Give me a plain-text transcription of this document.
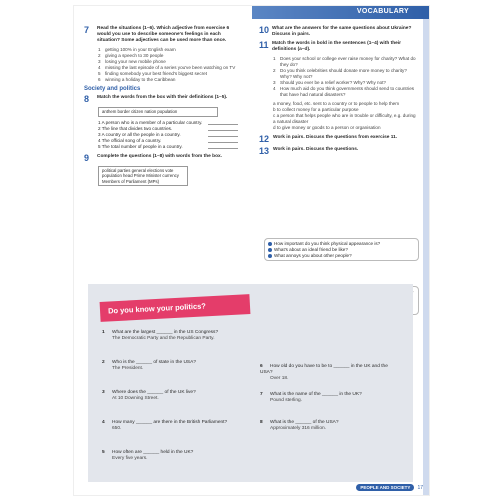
VOCABULARY
7	Read the situations (1–6). Which adjective from exercise 6 would you use to describe someone's feelings in each situation? Some adjectives can be used more than once.
1 getting 100% in your English exam
2 giving a speech to 30 people
3 losing your new mobile phone
4 missing the last episode of a series you've been watching on TV
5 finding somebody your best friend's biggest secret
6 winning a holiday to the Caribbean
Society and politics
8	Match the words from the box with their definitions (1–5).
anthem border citizen nation population
1 A person who is a member of a particular country.
2 The line that divides two countries.
3 A country or all the people in a country.
4 The official song of a country.
5 The total number of people in a country.
9	Complete the questions (1–8) with words from the box.
political parties general elections vote population head Prime Minister currency Members of Parliament (MPs)
10 What are the answers for the same questions about Ukraine? Discuss in pairs.
11 Match the words in bold in the sentences (1–4) with their definitions (a–d).
1 Does your school or college ever raise money for charity? What do they do?
2 Do you think celebrities should donate more money to charity? Why? Why not?
3 Should you ever be a relief worker? Why? Why not?
4 How much aid do you think governments should send to countries that have had natural disasters?
a money, food, etc. sent to a country or to people to help them
b to collect money for a particular purpose
c a person that helps people who are in trouble or difficulty, e.g. during a natural disaster
d to give money or goods to a person or organisation
12 Work in pairs. Discuss the questions from exercise 11.
13 Work in pairs. Discuss the questions.
How important do you think physical appearance is?
What's about an ideal friend be like?
What annoys you about other people?
Do you know your politics?
1 What are the largest ______ in the US Congress?
The Democratic Party and the Republican Party.
2 Who is the ______ of state in the USA?
The President.
3 Where does the ______ of the UK live?
At 10 Downing Street.
4 How many ______ are there in the British Parliament?
650.
5 How often are ______ held in the UK?
Every five years.
6 How old do you have to be to ______ in the UK and the USA?
Over 18.
7 What is the name of the ______ in the UK?
Pound sterling.
8 What is the ______ of the USA?
Approximately 316 million.
PEOPLE AND SOCIETY	17
